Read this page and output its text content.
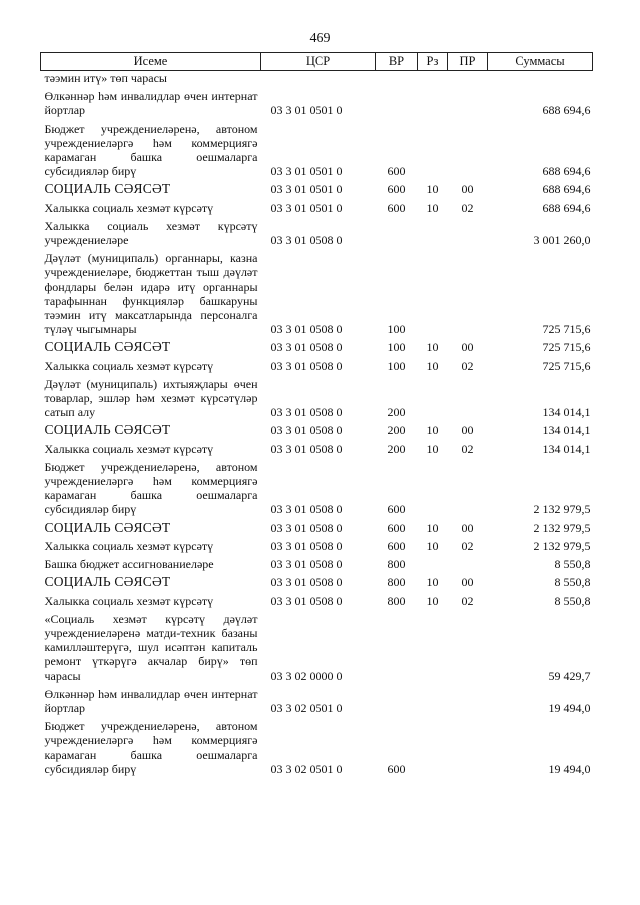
469
Исеме	ЦСР	ВР	Рз	ПР	Суммасы
тәэмин итү» төп чарасы					
Өлкәннәр һәм инвалидлар өчен интернат йортлар	03 3 01 0501 0				688 694,6
Бюджет учреждениеләренә, автоном учреждениеләргә һәм коммерциягә карамаган башка оешмаларга субсидияләр бирү	03 3 01 0501 0	600			688 694,6
СОЦИАЛЬ СӘЯСӘТ	03 3 01 0501 0	600	10	00	688 694,6
Халыкка социаль хезмәт күрсәтү	03 3 01 0501 0	600	10	02	688 694,6
Халыкка социаль хезмәт күрсәтү учреждениеләре	03 3 01 0508 0				3 001 260,0
Дәүләт (муниципаль) органнары, казна учреждениеләре, бюджеттан тыш дәүләт фондлары белән идарә итү органнары тарафыннан функцияләр башкаруны тәэмин итү максатларында персоналга түләү чыгымнары	03 3 01 0508 0	100			725 715,6
СОЦИАЛЬ СӘЯСӘТ	03 3 01 0508 0	100	10	00	725 715,6
Халыкка социаль хезмәт күрсәтү	03 3 01 0508 0	100	10	02	725 715,6
Дәүләт (муниципаль) ихтыяҗлары өчен товарлар, эшләр һәм хезмәт күрсәтүләр сатып алу	03 3 01 0508 0	200			134 014,1
СОЦИАЛЬ СӘЯСӘТ	03 3 01 0508 0	200	10	00	134 014,1
Халыкка социаль хезмәт күрсәтү	03 3 01 0508 0	200	10	02	134 014,1
Бюджет учреждениеләренә, автоном учреждениеләргә һәм коммерциягә карамаган башка оешмаларга субсидияләр бирү	03 3 01 0508 0	600			2 132 979,5
СОЦИАЛЬ СӘЯСӘТ	03 3 01 0508 0	600	10	00	2 132 979,5
Халыкка социаль хезмәт күрсәтү	03 3 01 0508 0	600	10	02	2 132 979,5
Башка бюджет ассигнованиеләре	03 3 01 0508 0	800			8 550,8
СОЦИАЛЬ СӘЯСӘТ	03 3 01 0508 0	800	10	00	8 550,8
Халыкка социаль хезмәт күрсәтү	03 3 01 0508 0	800	10	02	8 550,8
«Социаль хезмәт күрсәтү дәүләт учреждениеләренә матди-техник базаны камилләштерүгә, шул исәптән капиталь ремонт үткәрүгә акчалар бирү» төп чарасы	03 3 02 0000 0				59 429,7
Өлкәннәр һәм инвалидлар өчен интернат йортлар	03 3 02 0501 0				19 494,0
Бюджет учреждениеләренә, автоном учреждениеләргә һәм коммерциягә карамаган башка оешмаларга субсидияләр бирү	03 3 02 0501 0	600			19 494,0
